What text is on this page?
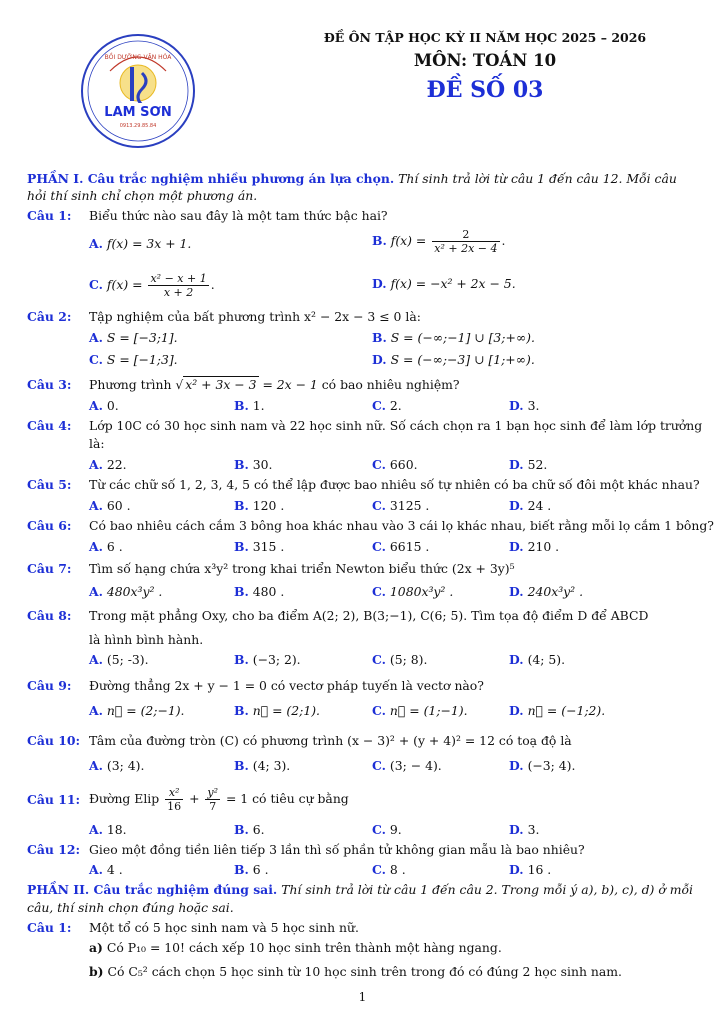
LAM SƠN
0913.29.85.84
BỒI DƯỠNG VĂN HÓA
ĐỀ ÔN TẬP HỌC KỲ II NĂM HỌC 2025 – 2026
MÔN: TOÁN 10
ĐỀ SỐ 03
PHẦN I. Câu trắc nghiệm nhiều phương án lựa chọn. Thí sinh trả lời từ câu 1 đến câu 12. Mỗi câu
hỏi thí sinh chỉ chọn một phương án.
Câu 1: Biểu thức nào sau đây là một tam thức bậc hai?
A. f(x) = 3x + 1.	B. $f(x) = \frac{2}{\text{x² + 2x − 4}}$ .
C. $f(x) = \frac{\text{x² − x + 1}}{x + 2}$ .	D. f(x) = −x² + 2x − 5.
Câu 2: Tập nghiệm của bất phương trình x² − 2x − 3 ≤ 0 là:
A. S = [−3;1].	B. S = (−∞;−1] ∪ [3;+∞).
C. S = [−1;3].	D. S = (−∞;−3] ∪ [1;+∞).
Câu 3: Phương trình √ x² + 3x − 3 = 2x − 1 có bao nhiêu nghiệm?
A. 0.	B. 1.	C. 2.	D. 3.
Câu 4: Lớp 10C có 30 học sinh nam và 22 học sinh nữ. Số cách chọn ra 1 bạn học sinh để làm lớp trưởng
là:
A. 22.	B. 30.	C. 660.	D. 52.
Câu 5: Từ các chữ số 1, 2, 3, 4, 5 có thể lập được bao nhiêu số tự nhiên có ba chữ số đôi một khác nhau?
A. 60 .	B. 120 .	C. 3125 .	D. 24 .
Câu 6: Có bao nhiêu cách cắm 3 bông hoa khác nhau vào 3 cái lọ khác nhau, biết rằng mỗi lọ cắm 1 bông?
A. 6 .	B. 315 .	C. 6615 .	D. 210 .
Câu 7: Tìm số hạng chứa x³y² trong khai triển Newton biểu thức (2x + 3y)⁵
A. 480x³y² .	B. 480 .	C. 1080x³y² .	D. 240x³y² .
Câu 8: Trong mặt phẳng Oxy, cho ba điểm A(2; 2), B(3;−1), C(6; 5). Tìm tọa độ điểm D để ABCD
là hình bình hành.
A. (5; -3).	B. (−3; 2).	C. (5; 8).	D. (4; 5).
Câu 9: Đường thẳng 2x + y − 1 = 0 có vectơ pháp tuyến là vectơ nào?
A. n⃗ = (2;−1).	B. n⃗ = (2;1).	C. n⃗ = (1;−1).	D. n⃗ = (−1;2).
Câu 10: Tâm của đường tròn (C) có phương trình (x − 3)² + (y + 4)² = 12 có toạ độ là
A. (3; 4).	B. (4; 3).	C. (3; − 4).	D. (−3; 4).
Câu 11: Đường Elip $\frac{\text{x²}}{16} + \frac{\text{y²}}{7} = 1$ có tiêu cự bằng
A. 18.	B. 6.	C. 9.	D. 3.
Câu 12: Gieo một đồng tiền liên tiếp 3 lần thì số phần tử không gian mẫu là bao nhiêu?
A. 4 .	B. 6 .	C. 8 .	D. 16 .
PHẦN II. Câu trắc nghiệm đúng sai. Thí sinh trả lời từ câu 1 đến câu 2. Trong mỗi ý a), b), c), d) ở mỗi
câu, thí sinh chọn đúng hoặc sai.
Câu 1: Một tổ có 5 học sinh nam và 5 học sinh nữ.
a) Có P₁₀ = 10! cách xếp 10 học sinh trên thành một hàng ngang.
b) Có C₅² cách chọn 5 học sinh từ 10 học sinh trên trong đó có đúng 2 học sinh nam.
1
